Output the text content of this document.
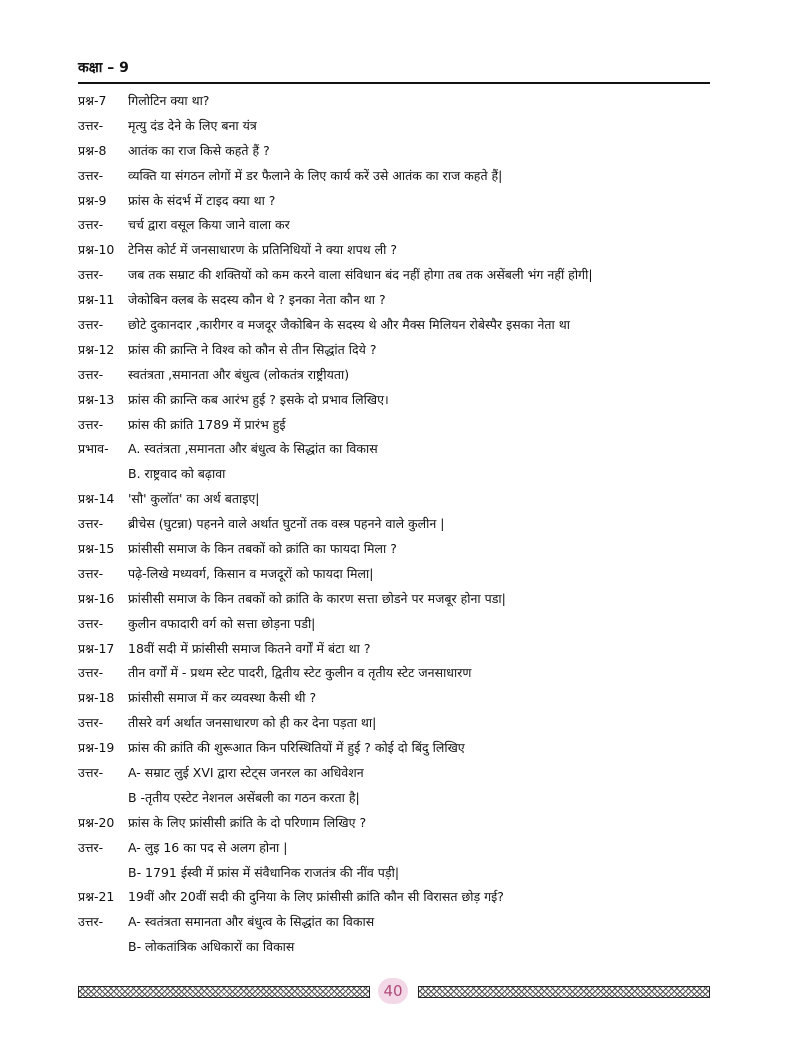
कक्षा – 9
प्रश्न-7	गिलोटिन क्या था?
उत्तर-	मृत्यु दंड देने के लिए बना यंत्र
प्रश्न-8	आतंक का राज किसे कहते हैं ?
उत्तर-	व्यक्ति या संगठन लोगों में डर फैलाने के लिए कार्य करें उसे आतंक का राज कहते हैं|
प्रश्न-9	फ्रांस के संदर्भ में टाइद क्या था ?
उत्तर-	चर्च द्वारा वसूल किया जाने वाला कर
प्रश्न-10	टेनिस कोर्ट में जनसाधारण के प्रतिनिधियों ने क्या शपथ ली ?
उत्तर-	जब तक सम्राट की शक्तियों को कम करने वाला संविधान बंद नहीं होगा तब तक असेंबली भंग नहीं होगी|
प्रश्न-11	जेकोबिन क्लब के सदस्य कौन थे ? इनका नेता कौन था ?
उत्तर-	छोटे दुकानदार ,कारीगर व मजदूर जैकोबिन के सदस्य थे और मैक्स मिलियन रोबेस्पैर इसका नेता था
प्रश्न-12	फ्रांस की क्रान्ति ने विश्व को कौन से तीन सिद्धांत दिये ?
उत्तर-	स्वतंत्रता ,समानता और बंधुत्व (लोकतंत्र राष्ट्रीयता)
प्रश्न-13	फ्रांस की क्रान्ति कब आरंभ हुई ? इसके दो प्रभाव लिखिए।
उत्तर-	फ्रांस की क्रांति 1789 में प्रारंभ हुई
प्रभाव-	A. स्वतंत्रता ,समानता और बंधुत्व के सिद्धांत का विकास
B. राष्ट्रवाद को बढ़ावा
प्रश्न-14	'सौ' कुलॉत' का अर्थ बताइए|
उत्तर-	ब्रीचेस (घुटन्ना) पहनने वाले अर्थात घुटनों तक वस्त्र पहनने वाले कुलीन |
प्रश्न-15	फ्रांसीसी समाज के किन तबकों को क्रांति का फायदा मिला ?
उत्तर-	पढ़े-लिखे मध्यवर्ग, किसान व मजदूरों को फायदा मिला|
प्रश्न-16	फ्रांसीसी समाज के किन तबकों को क्रांति के कारण सत्ता छोडने पर मजबूर होना पडा|
उत्तर-	कुलीन वफादारी वर्ग को सत्ता छोड़ना पडी|
प्रश्न-17	18वीं सदी में फ्रांसीसी समाज कितने वर्गों में बंटा था ?
उत्तर-	तीन वर्गों में - प्रथम स्टेट पादरी, द्वितीय स्टेट कुलीन व तृतीय स्टेट जनसाधारण
प्रश्न-18	फ्रांसीसी समाज में कर व्यवस्था कैसी थी ?
उत्तर-	तीसरे वर्ग अर्थात जनसाधारण को ही कर देना पड़ता था|
प्रश्न-19	फ्रांस की क्रांति की शुरूआत किन परिस्थितियों में हुई ? कोई दो बिंदु लिखिए
उत्तर-	A- सम्राट लुई XVI द्वारा स्टेट्स जनरल का अधिवेशन
B -तृतीय एस्टेट नेशनल असेंबली का गठन करता है|
प्रश्न-20	फ्रांस के लिए फ्रांसीसी क्रांति के दो परिणाम लिखिए ?
उत्तर-	A- लुइ 16 का पद से अलग होना |
B- 1791 ईस्वी में फ्रांस में संवैधानिक राजतंत्र की नींव पड़ी|
प्रश्न-21	19वीं और 20वीं सदी की दुनिया के लिए फ्रांसीसी क्रांति कौन सी विरासत छोड़ गई?
उत्तर-	A- स्वतंत्रता समानता और बंधुत्व के सिद्धांत का विकास
B- लोकतांत्रिक अधिकारों का विकास
40
